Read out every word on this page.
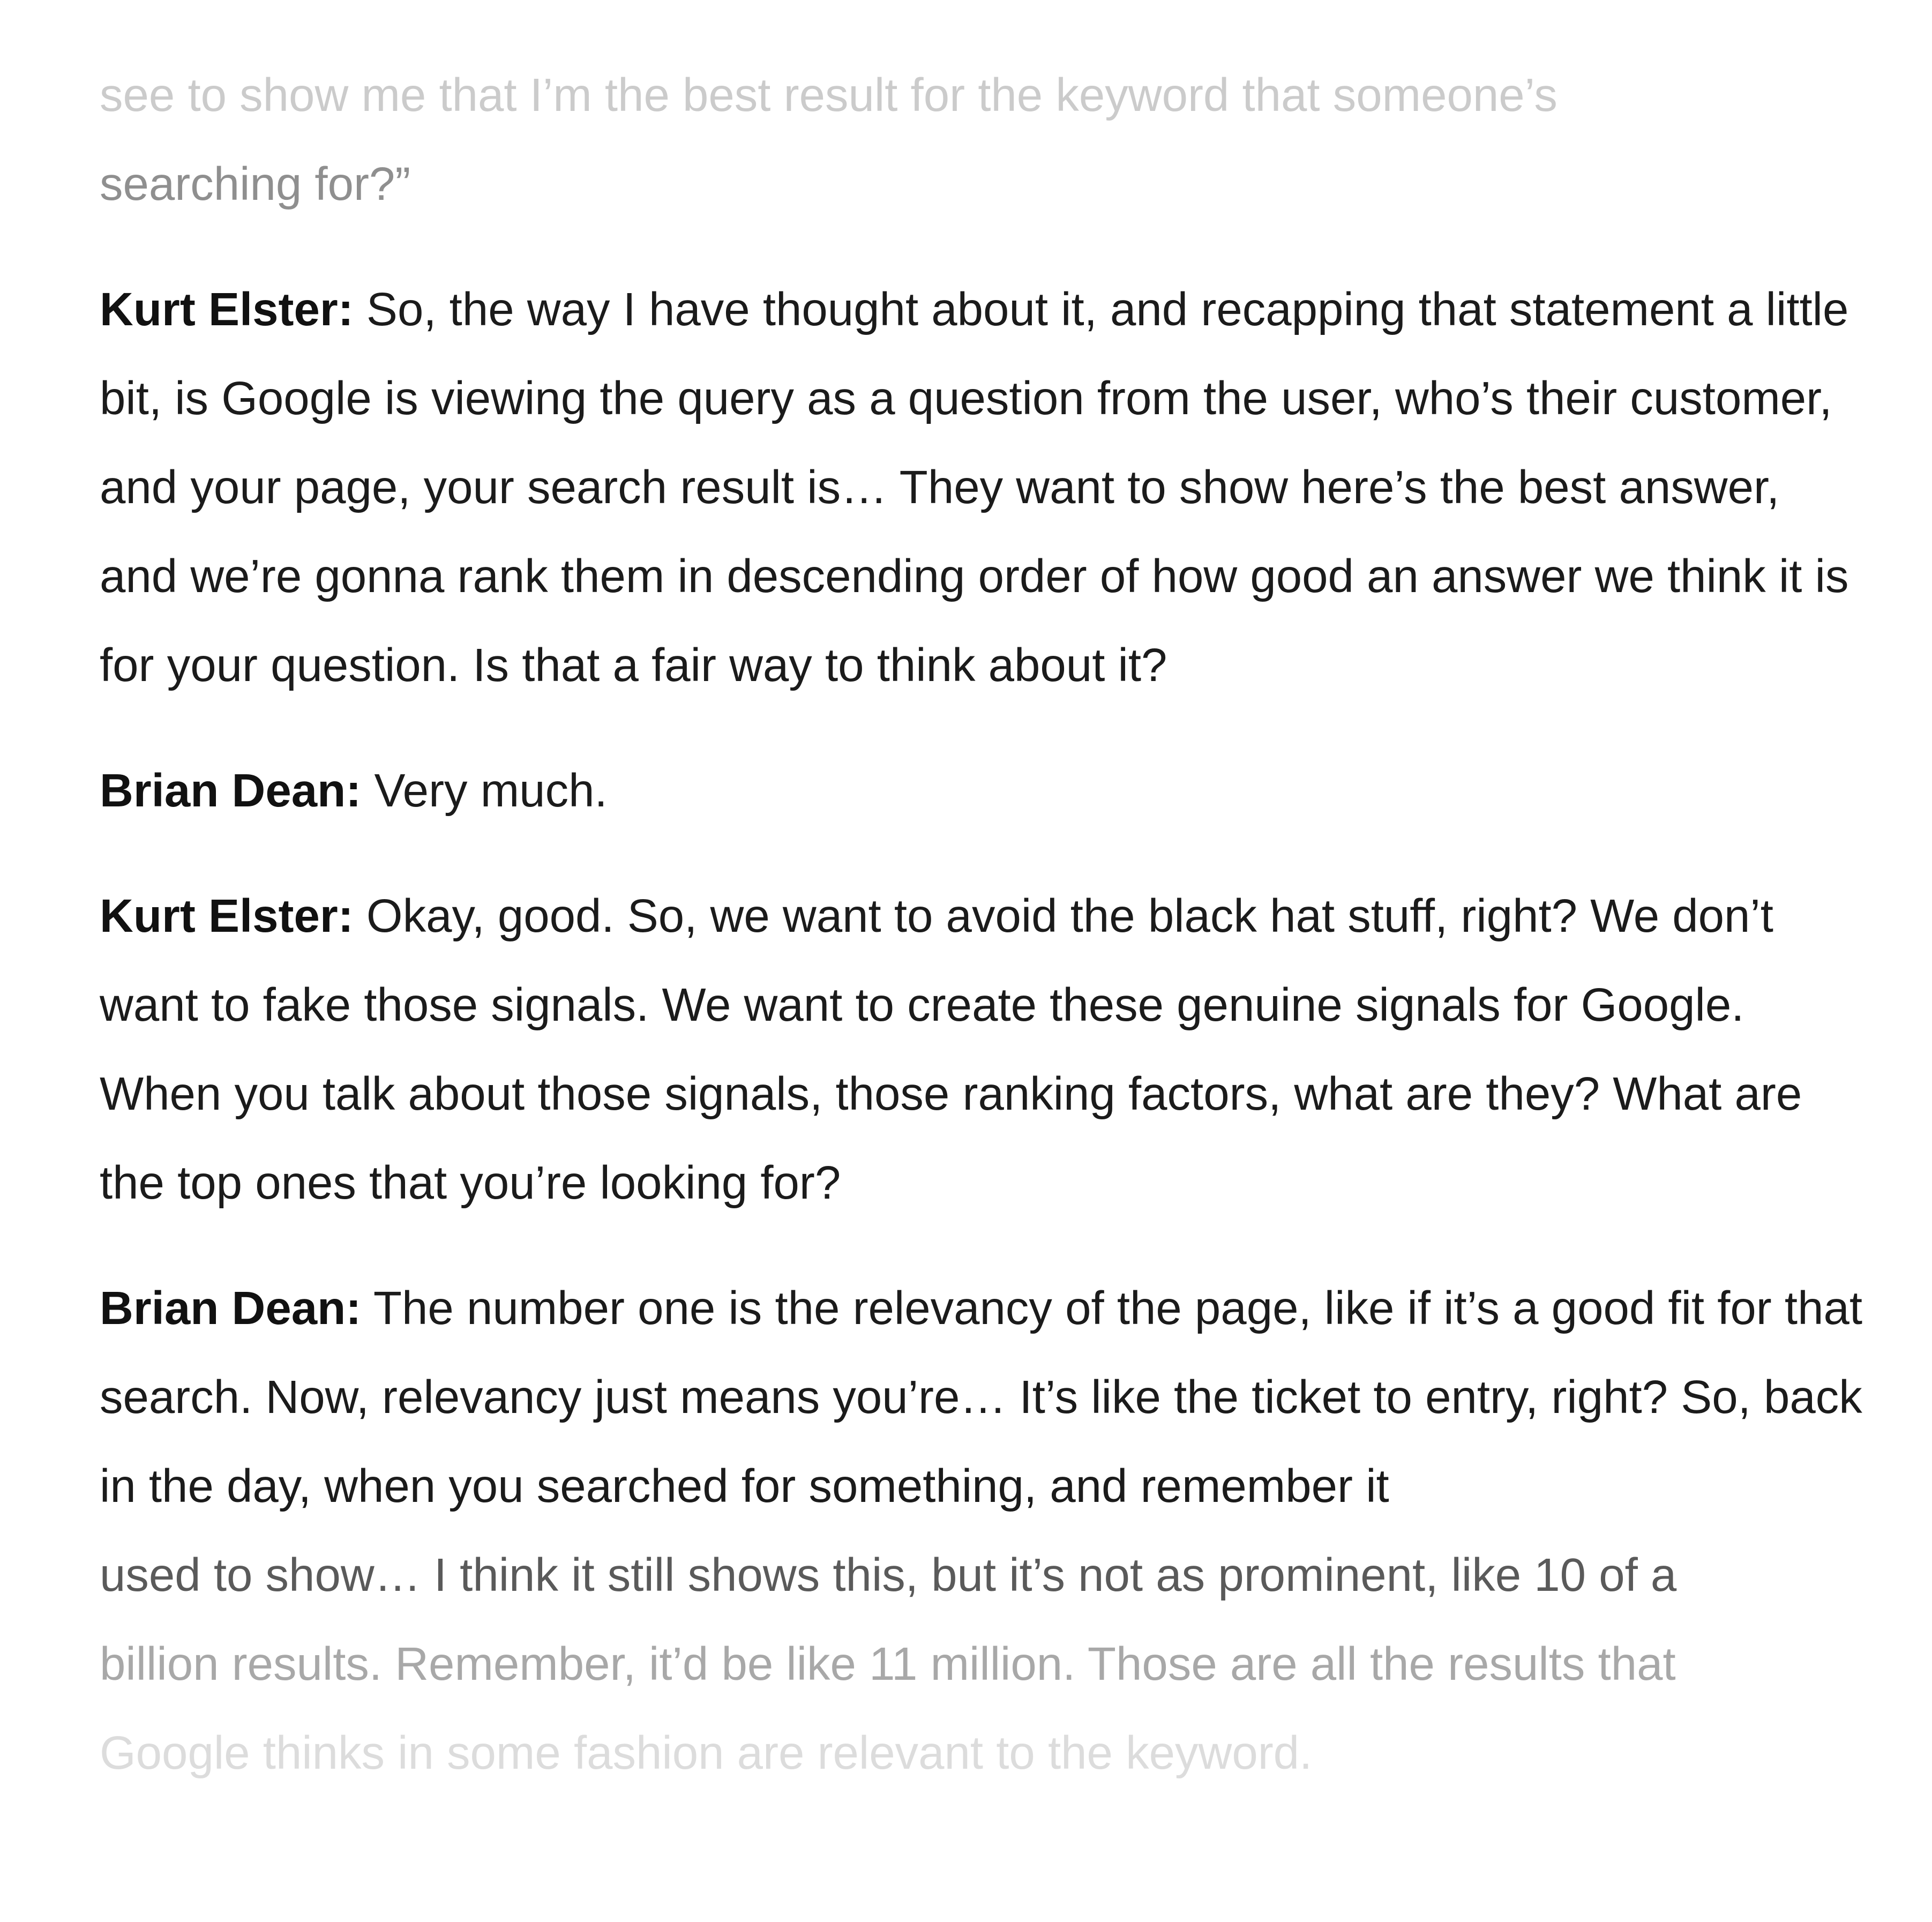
see to show me that I’m the best result for the keyword that someone’s
searching for?”

Kurt Elster: So, the way I have thought about it, and recapping that statement a little bit, is Google is viewing the query as a question from the user, who’s their customer, and your page, your search result is… They want to show here’s the best answer, and we’re gonna rank them in descending order of how good an answer we think it is for your question. Is that a fair way to think about it?

Brian Dean: Very much.

Kurt Elster: Okay, good. So, we want to avoid the black hat stuff, right? We don’t want to fake those signals. We want to create these genuine signals for Google. When you talk about those signals, those ranking factors, what are they? What are the top ones that you’re looking for?

Brian Dean: The number one is the relevancy of the page, like if it’s a good fit for that search. Now, relevancy just means you’re… It’s like the ticket to entry, right? So, back in the day, when you searched for something, and remember it
used to show… I think it still shows this, but it’s not as prominent, like 10 of a
billion results. Remember, it’d be like 11 million. Those are all the results that
Google thinks in some fashion are relevant to the keyword.
